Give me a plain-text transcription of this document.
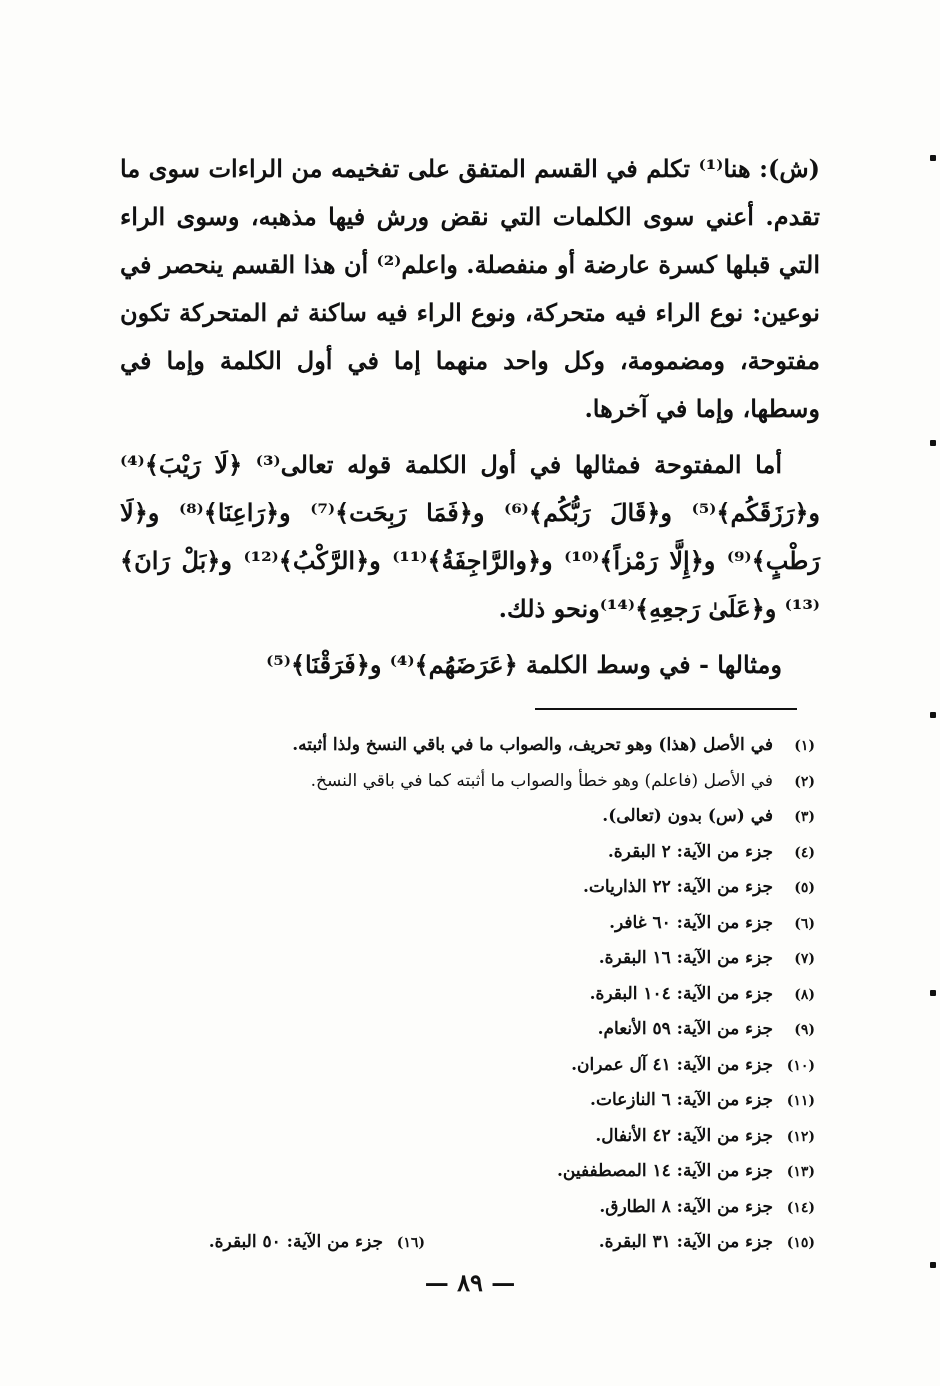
(ش): هنا⁽¹⁾ تكلم في القسم المتفق على تفخيمه من الراءات سوى ما تقدم. أعني سوى الكلمات التي نقض ورش فيها مذهبه، وسوى الراء التي قبلها كسرة عارضة أو منفصلة. واعلم⁽²⁾ أن هذا القسم ينحصر في نوعين: نوع الراء فيه متحركة، ونوع الراء فيه ساكنة ثم المتحركة تكون مفتوحة، ومضمومة، وكل واحد منهما إما في أول الكلمة وإما في وسطها، وإما في آخرها.

أما المفتوحة فمثالها في أول الكلمة قوله تعالى⁽³⁾ ﴿لَا رَيْبَ﴾⁽⁴⁾ و﴿رَزَقَكُم﴾⁽⁵⁾ و﴿قَالَ رَبُّكُم﴾⁽⁶⁾ و﴿فَمَا رَبِحَت﴾⁽⁷⁾ و﴿رَاعِنَا﴾⁽⁸⁾ و﴿لَا رَطْبٍ﴾⁽⁹⁾ و﴿إِلَّا رَمْزاً﴾⁽¹⁰⁾ و﴿والرَّاجِفَةُ﴾⁽¹¹⁾ و﴿الرَّكْبُ﴾⁽¹²⁾ و﴿بَلْ رَانَ﴾⁽¹³⁾ و﴿عَلَىٰ رَجعِهِ﴾⁽¹⁴⁾ونحو ذلك.

ومثالها - في وسط الكلمة ﴿عَرَضَهُم﴾⁽⁴⁾ و﴿فَرَقْنَا﴾⁽⁵⁾

(١)في الأصل (هذا) وهو تحريف، والصواب ما في باقي النسخ ولذا أثبته.
(٢)في الأصل (فاعلم) وهو خطأ والصواب ما أثبته كما في باقي النسخ.
(٣)في (س) بدون (تعالى).
(٤)جزء من الآية: ٢ البقرة.
(٥)جزء من الآية: ٢٢ الذاريات.
(٦)جزء من الآية: ٦٠ غافر.
(٧)جزء من الآية: ١٦ البقرة.
(٨)جزء من الآية: ١٠٤ البقرة.
(٩)جزء من الآية: ٥٩ الأنعام.
(١٠)جزء من الآية: ٤١ آل عمران.
(١١)جزء من الآية: ٦ النازعات.
(١٢)جزء من الآية: ٤٢ الأنفال.
(١٣)جزء من الآية: ١٤ المصطففين.
(١٤)جزء من الآية: ٨ الطارق.
(١٥)جزء من الآية: ٣١ البقرة.(١٦)جزء من الآية: ٥٠ البقرة.
— ٨٩ —
